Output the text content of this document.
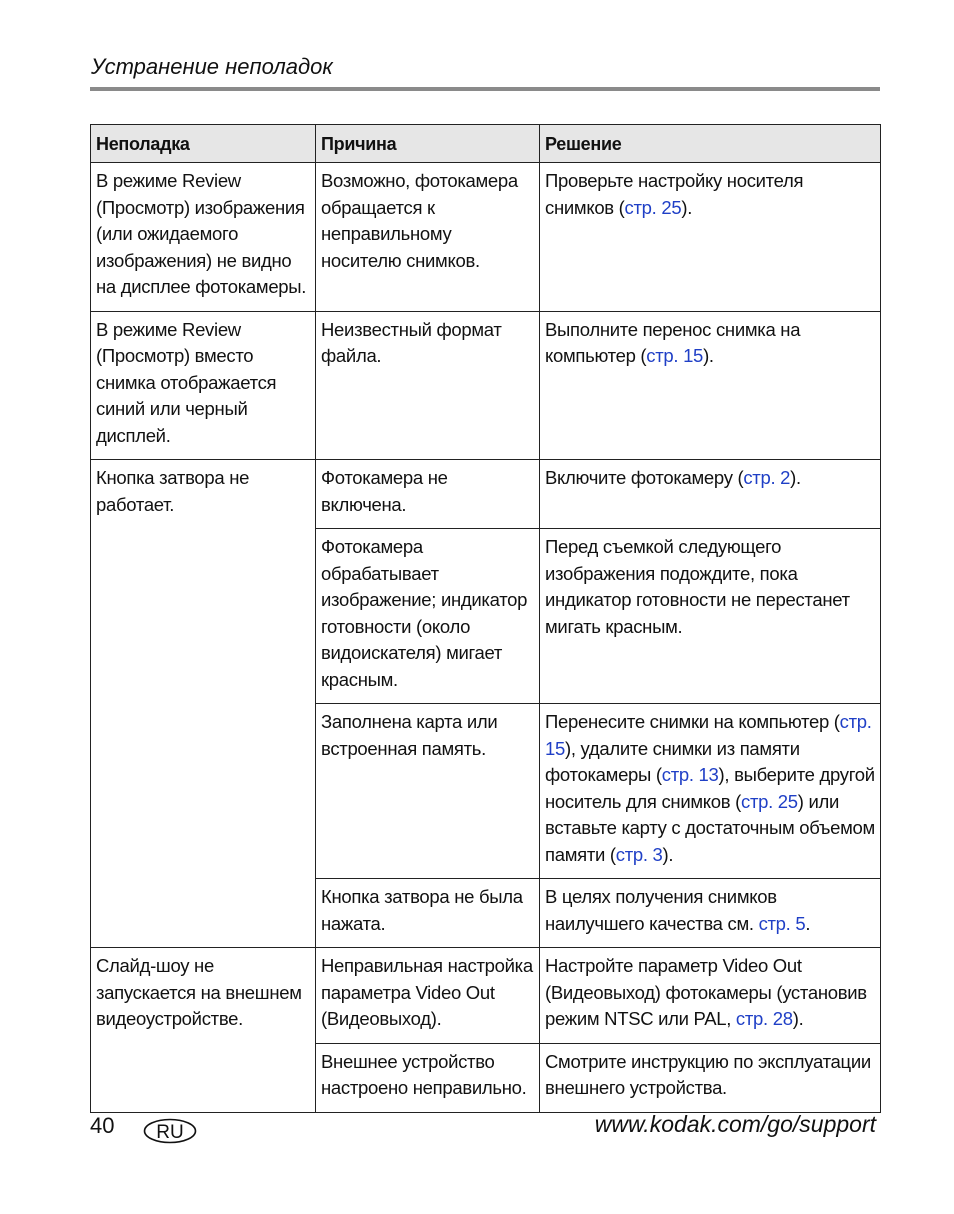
Устранение неполадок
Неполадка	Причина	Решение
В режиме Review (Просмотр) изображения (или ожидаемого изображения) не видно на дисплее фотокамеры.	Возможно, фотокамера обращается к неправильному носителю снимков.	Проверьте настройку носителя снимков (стр. 25).
В режиме Review (Просмотр) вместо снимка отображается синий или черный дисплей.	Неизвестный формат файла.	Выполните перенос снимка на компьютер (стр. 15).
Кнопка затвора не работает.	Фотокамера не включена.	Включите фотокамеру (стр. 2).
	Фотокамера обрабатывает изображение; индикатор готовности (около видоискателя) мигает красным.	Перед съемкой следующего изображения подождите, пока индикатор готовности не перестанет мигать красным.
	Заполнена карта или встроенная память.	Перенесите снимки на компьютер (стр. 15), удалите снимки из памяти фотокамеры (стр. 13), выберите другой носитель для снимков (стр. 25) или вставьте карту с достаточным объемом памяти (стр. 3).
	Кнопка затвора не была нажата.	В целях получения снимков наилучшего качества см. стр. 5.
Слайд-шоу не запускается на внешнем видеоустройстве.	Неправильная настройка параметра Video Out (Видеовыход).	Настройте параметр Video Out (Видеовыход) фотокамеры (установив режим NTSC или PAL, стр. 28).
	Внешнее устройство настроено неправильно.	Смотрите инструкцию по эксплуатации внешнего устройства.
40 RU	www.kodak.com/go/support
